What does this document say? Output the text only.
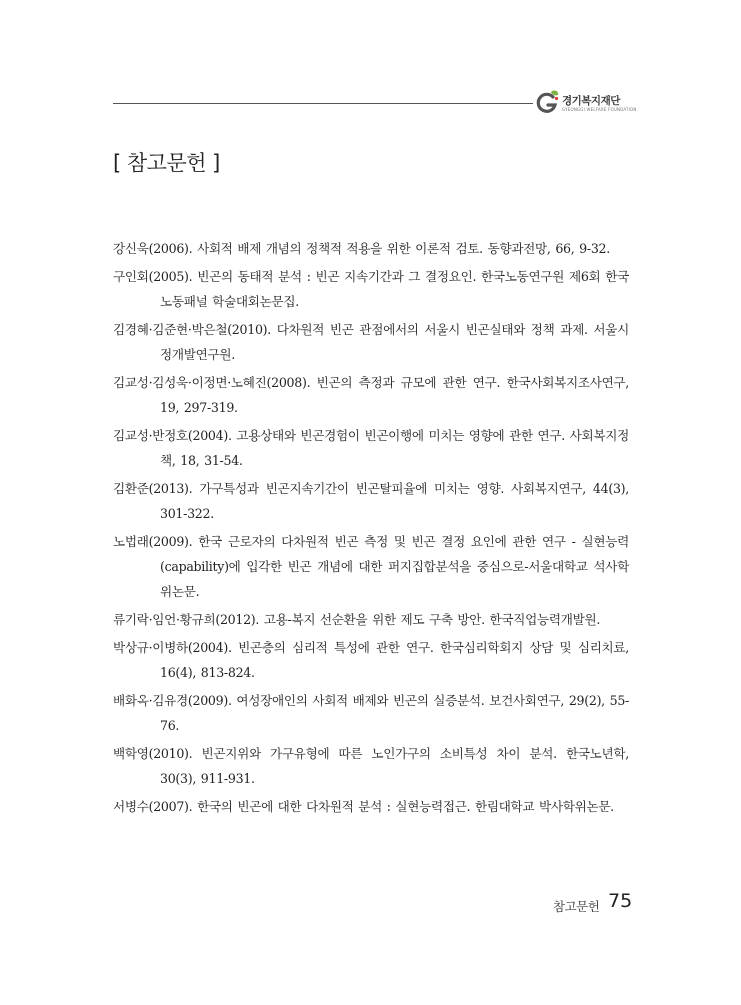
경기복지재단
GYEONGGI WELFARE FOUNDATION
[ 참고문헌 ]
강신욱(2006). 사회적 배제 개념의 정책적 적용을 위한 이론적 검토. 동향과전망, 66, 9-32.
구인회(2005). 빈곤의 동태적 분석 : 빈곤 지속기간과 그 결정요인. 한국노동연구원 제6회 한국노동패널 학술대회논문집.
김경혜·김준현·박은철(2010). 다차원적 빈곤 관점에서의 서울시 빈곤실태와 정책 과제. 서울시정개발연구원.
김교성·김성욱·이정면·노혜진(2008). 빈곤의 측정과 규모에 관한 연구. 한국사회복지조사연구, 19, 297-319.
김교성·반정호(2004). 고용상태와 빈곤경험이 빈곤이행에 미치는 영향에 관한 연구. 사회복지정책, 18, 31-54.
김환준(2013). 가구특성과 빈곤지속기간이 빈곤탈피율에 미치는 영향. 사회복지연구, 44(3), 301-322.
노법래(2009). 한국 근로자의 다차원적 빈곤 측정 및 빈곤 결정 요인에 관한 연구 - 실현능력(capability)에 입각한 빈곤 개념에 대한 퍼지집합분석을 중심으로-서울대학교 석사학위논문.
류기락·임언·황규희(2012). 고용-복지 선순환을 위한 제도 구축 방안. 한국직업능력개발원.
박상규·이병하(2004). 빈곤층의 심리적 특성에 관한 연구. 한국심리학회지 상담 및 심리치료, 16(4), 813-824.
배화옥·김유경(2009). 여성장애인의 사회적 배제와 빈곤의 실증분석. 보건사회연구, 29(2), 55-76.
백학영(2010). 빈곤지위와 가구유형에 따른 노인가구의 소비특성 차이 분석. 한국노년학, 30(3), 911-931.
서병수(2007). 한국의 빈곤에 대한 다차원적 분석 : 실현능력접근. 한림대학교 박사학위논문.
참고문헌 75
